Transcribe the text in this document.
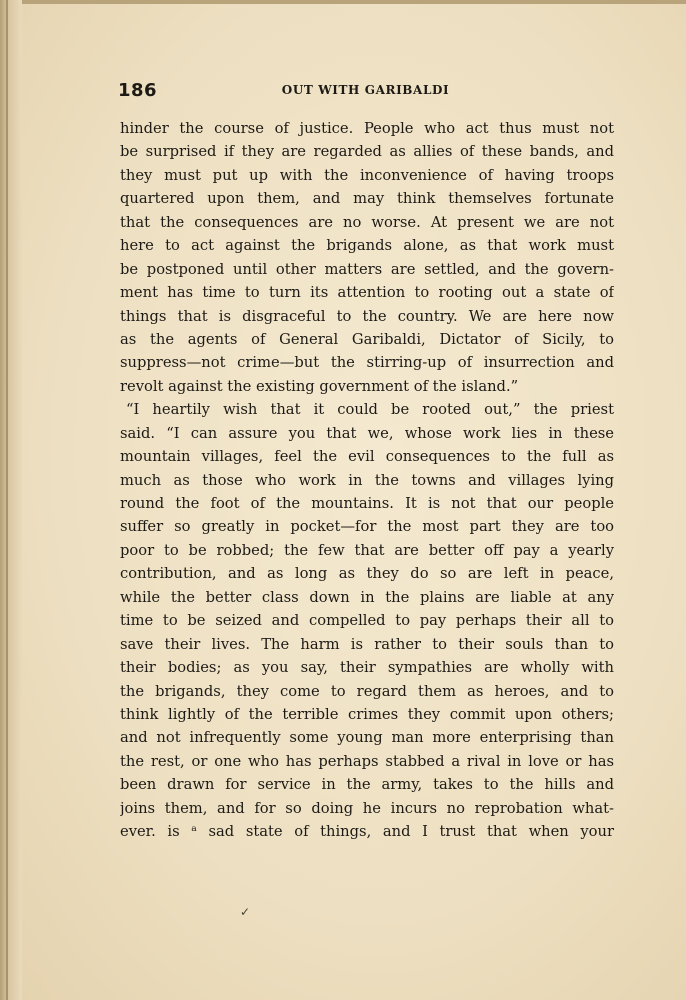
186	OUT WITH GARIBALDI
hinder the course of justice. People who act thus must not
be surprised if they are regarded as allies of these bands, and
they must put up with the inconvenience of having troops
quartered upon them, and may think themselves fortunate
that the consequences are no worse. At present we are not
here to act against the brigands alone, as that work must
be postponed until other matters are settled, and the govern-
ment has time to turn its attention to rooting out a state of
things that is disgraceful to the country. We are here now
as the agents of General Garibaldi, Dictator of Sicily, to
suppress—not crime—but the stirring-up of insurrection and
revolt against the existing government of the island.”
“I heartily wish that it could be rooted out,” the priest
said. “I can assure you that we, whose work lies in these
mountain villages, feel the evil consequences to the full as
much as those who work in the towns and villages lying
round the foot of the mountains. It is not that our people
suffer so greatly in pocket—for the most part they are too
poor to be robbed; the few that are better off pay a yearly
contribution, and as long as they do so are left in peace,
while the better class down in the plains are liable at any
time to be seized and compelled to pay perhaps their all to
save their lives. The harm is rather to their souls than to
their bodies; as you say, their sympathies are wholly with
the brigands, they come to regard them as heroes, and to
think lightly of the terrible crimes they commit upon others;
and not infrequently some young man more enterprising than
the rest, or one who has perhaps stabbed a rival in love or has
been drawn for service in the army, takes to the hills and
joins them, and for so doing he incurs no reprobation what-
ever. is ᵃ sad state of things, and I trust that when your
✓
